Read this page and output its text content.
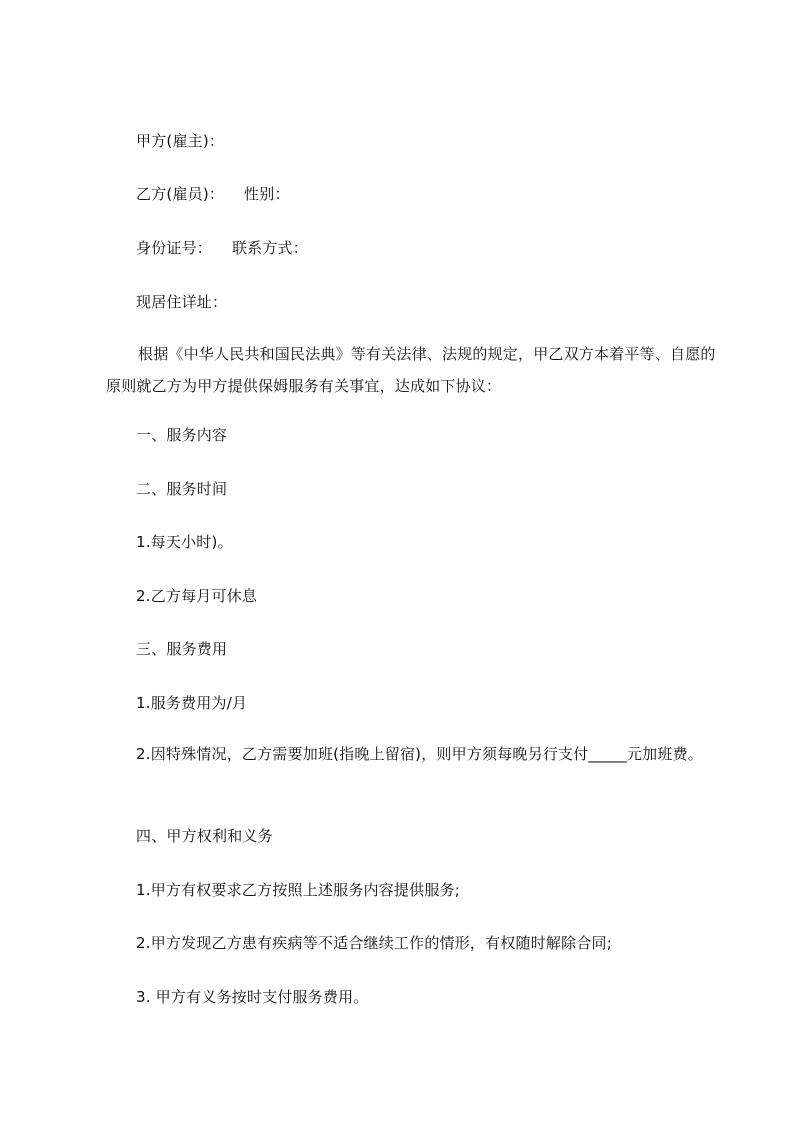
甲方(雇主)：
乙方(雇员)： 性别：
身份证号： 联系方式：
现居住详址：
根据《中华人民共和国民法典》等有关法律、法规的规定，甲乙双方本着平等、自愿的原则就乙方为甲方提供保姆服务有关事宜，达成如下协议：
一、服务内容
二、服务时间
1.每天小时)。
2.乙方每月可休息
三、服务费用
1.服务费用为/月
2.因特殊情况，乙方需要加班(指晚上留宿)，则甲方须每晚另行支付_____元加班费。
四、甲方权利和义务
1.甲方有权要求乙方按照上述服务内容提供服务;
2.甲方发现乙方患有疾病等不适合继续工作的情形，有权随时解除合同;
3. 甲方有义务按时支付服务费用。
